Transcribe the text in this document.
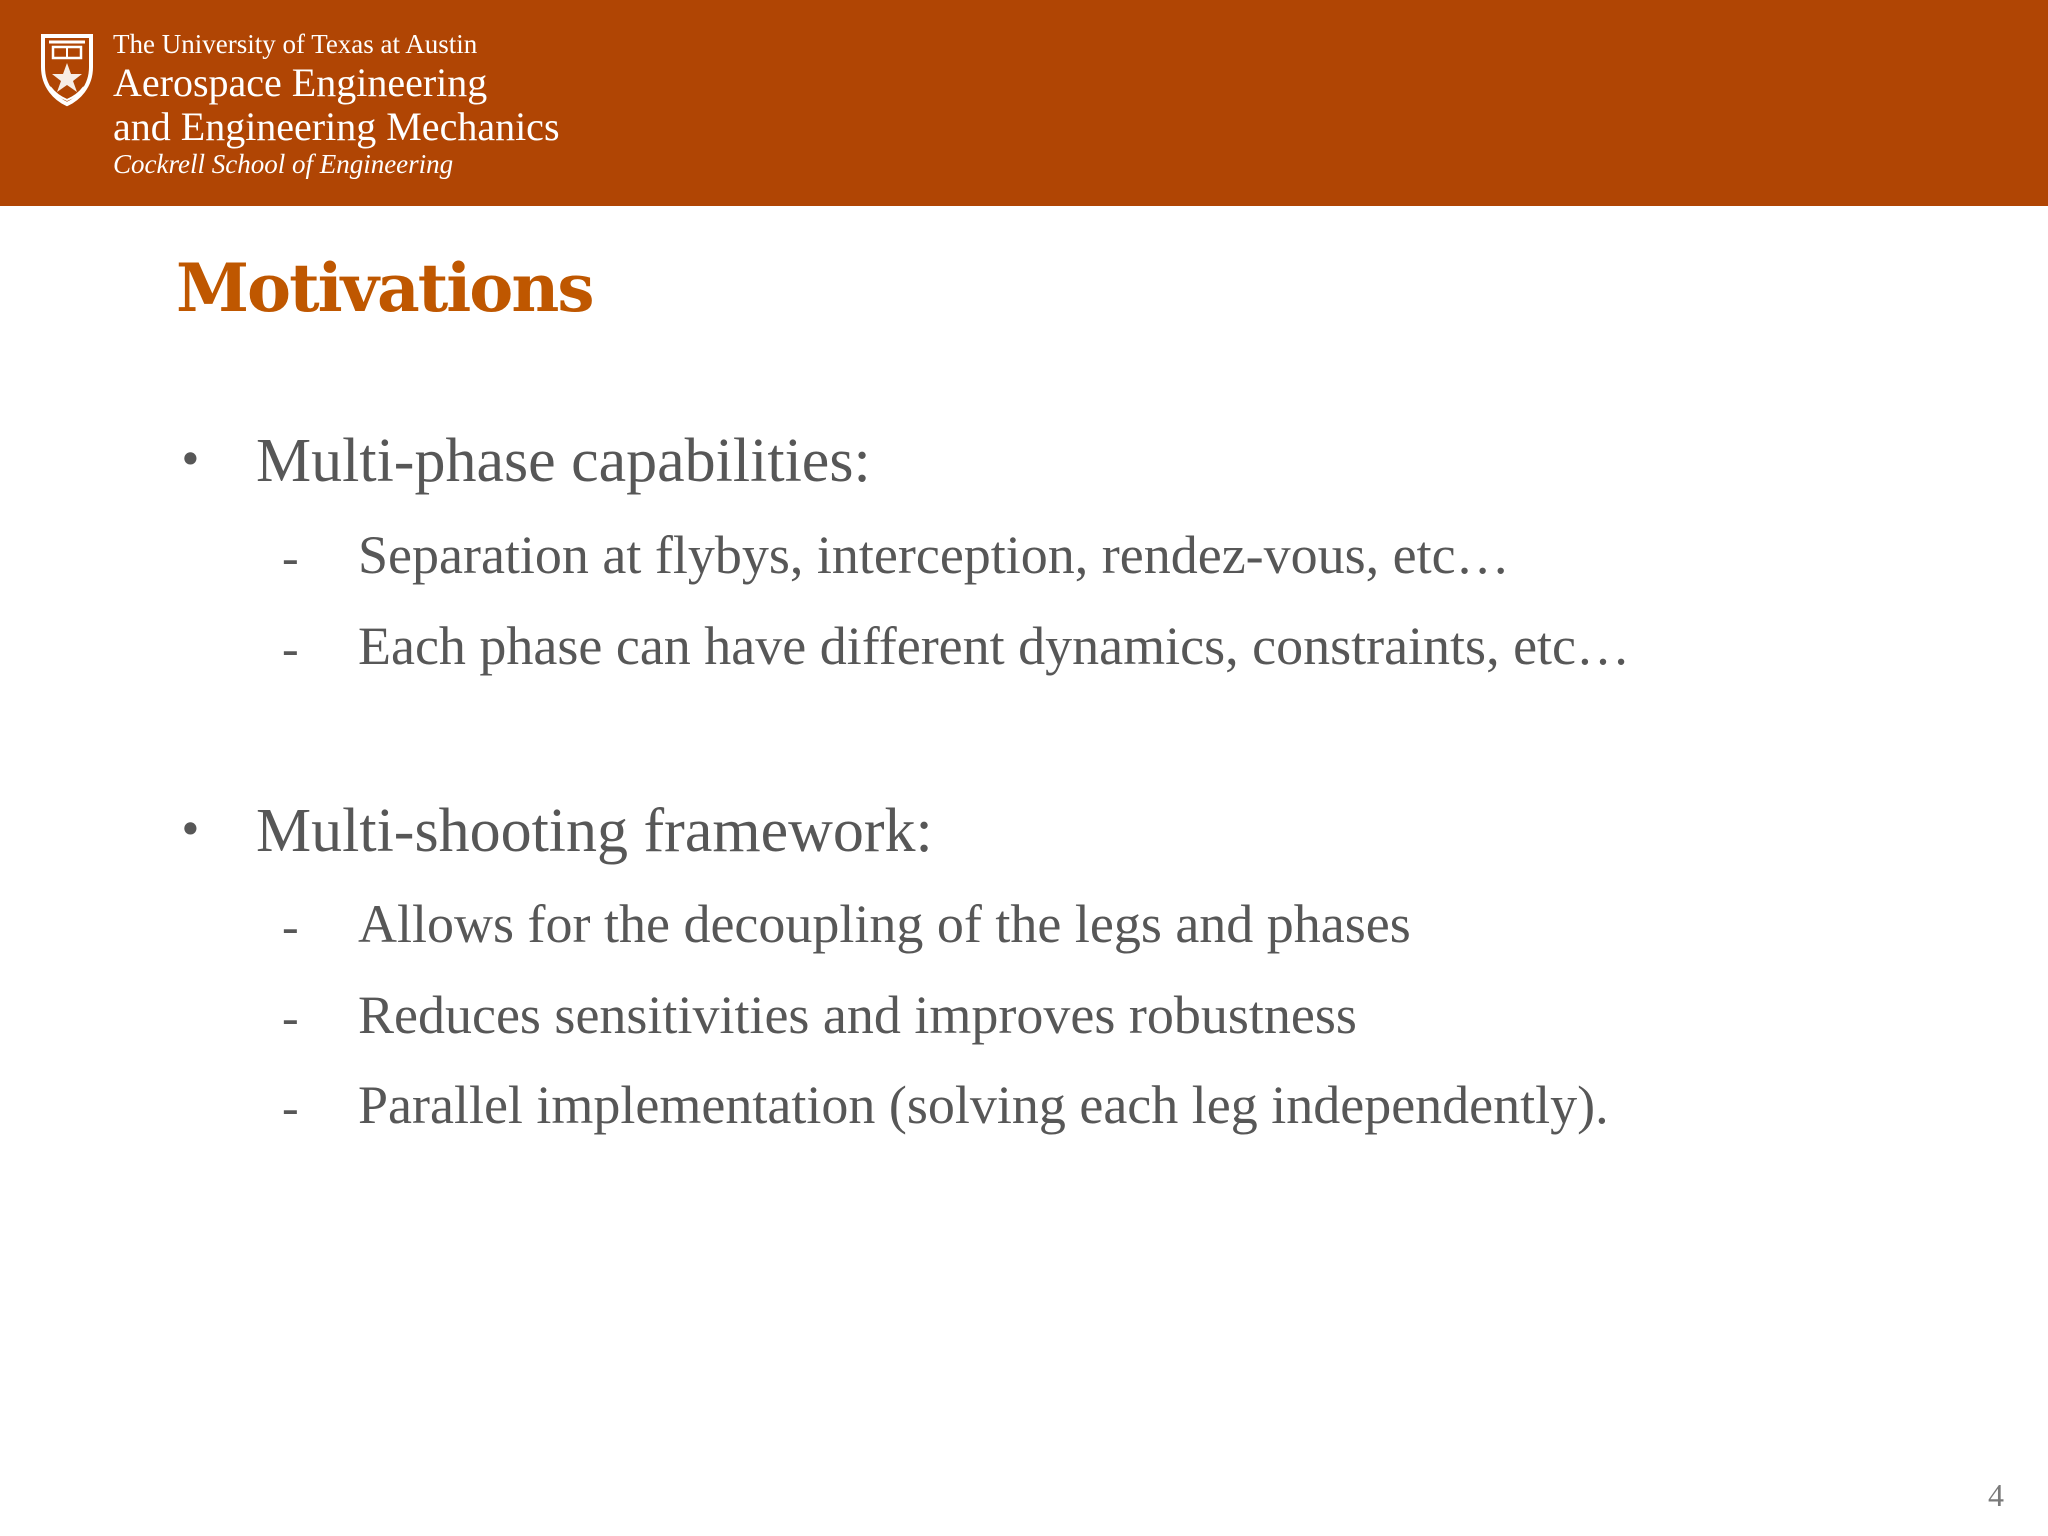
The University of Texas at Austin
Aerospace Engineering
and Engineering Mechanics
Cockrell School of Engineering
Motivations
• Multi-phase capabilities:
- Separation at flybys, interception, rendez-vous, etc…
- Each phase can have different dynamics, constraints, etc…
• Multi-shooting framework:
- Allows for the decoupling of the legs and phases
- Reduces sensitivities and improves robustness
- Parallel implementation (solving each leg independently).
4
